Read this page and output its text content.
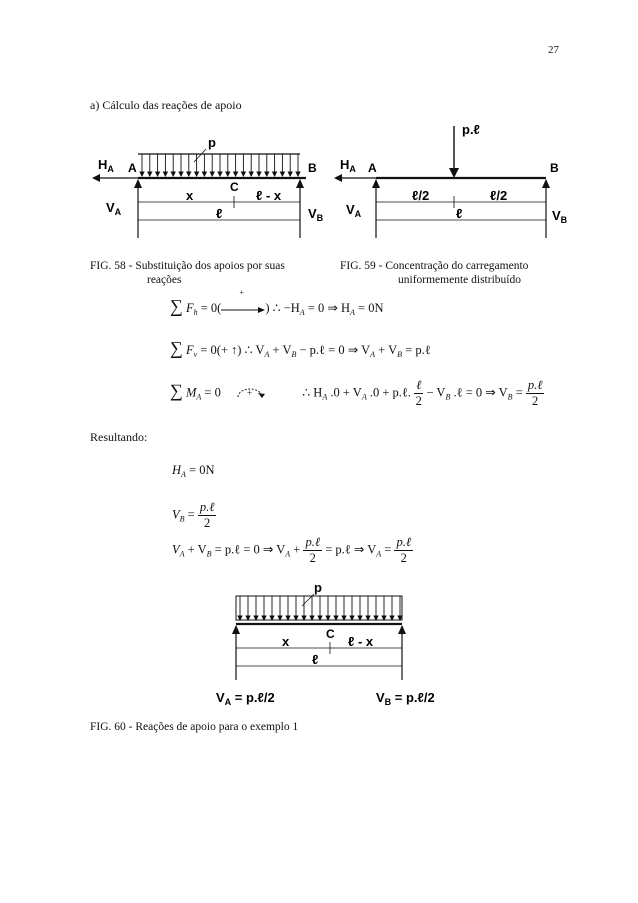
27
a) Cálculo das reações de apoio
p
$H_A$ A	B
C
x	ℓ - x
ℓ
$V_A$	$V_B$
p.ℓ
$H_A$ A	B
ℓ/2	ℓ/2
ℓ
$V_A$	$V_B$
FIG. 58 - Substituição dos apoios por suas
reações
FIG. 59 - Concentração do carregamento
uniformemente distribuído
∑ $F_h = 0$(
+
) ∴ $-H_A = 0$ ⇒ $H_A = 0N$
∑ $F_v = 0(+$ ↑) ∴ $V_A + V_B$ − p.ℓ = 0 ⇒ $V_A + V_B$ = p.ℓ
∑ $M_A = 0$	+	∴ $H_A$ $.0 + V_A$ .0 + p.ℓ. $\frac{\text{ℓ}}{2} - V_B$ .ℓ = 0 ⇒ $V_B = \frac{\text{p.ℓ}}{2}$
Resultando:
$H_A = 0N$
$V_B = \frac{\text{p.ℓ}}{2}$
$V_A + V_B$ = p.ℓ = 0 ⇒ $V_A + \frac{\text{p.ℓ}}{2}$ = p.ℓ ⇒ $V_A = \frac{\text{p.ℓ}}{2}$
p
C
x	ℓ - x
ℓ
$V_A$ = p.ℓ/2	$V_B$ = p.ℓ/2
FIG. 60 - Reações de apoio para o exemplo 1
